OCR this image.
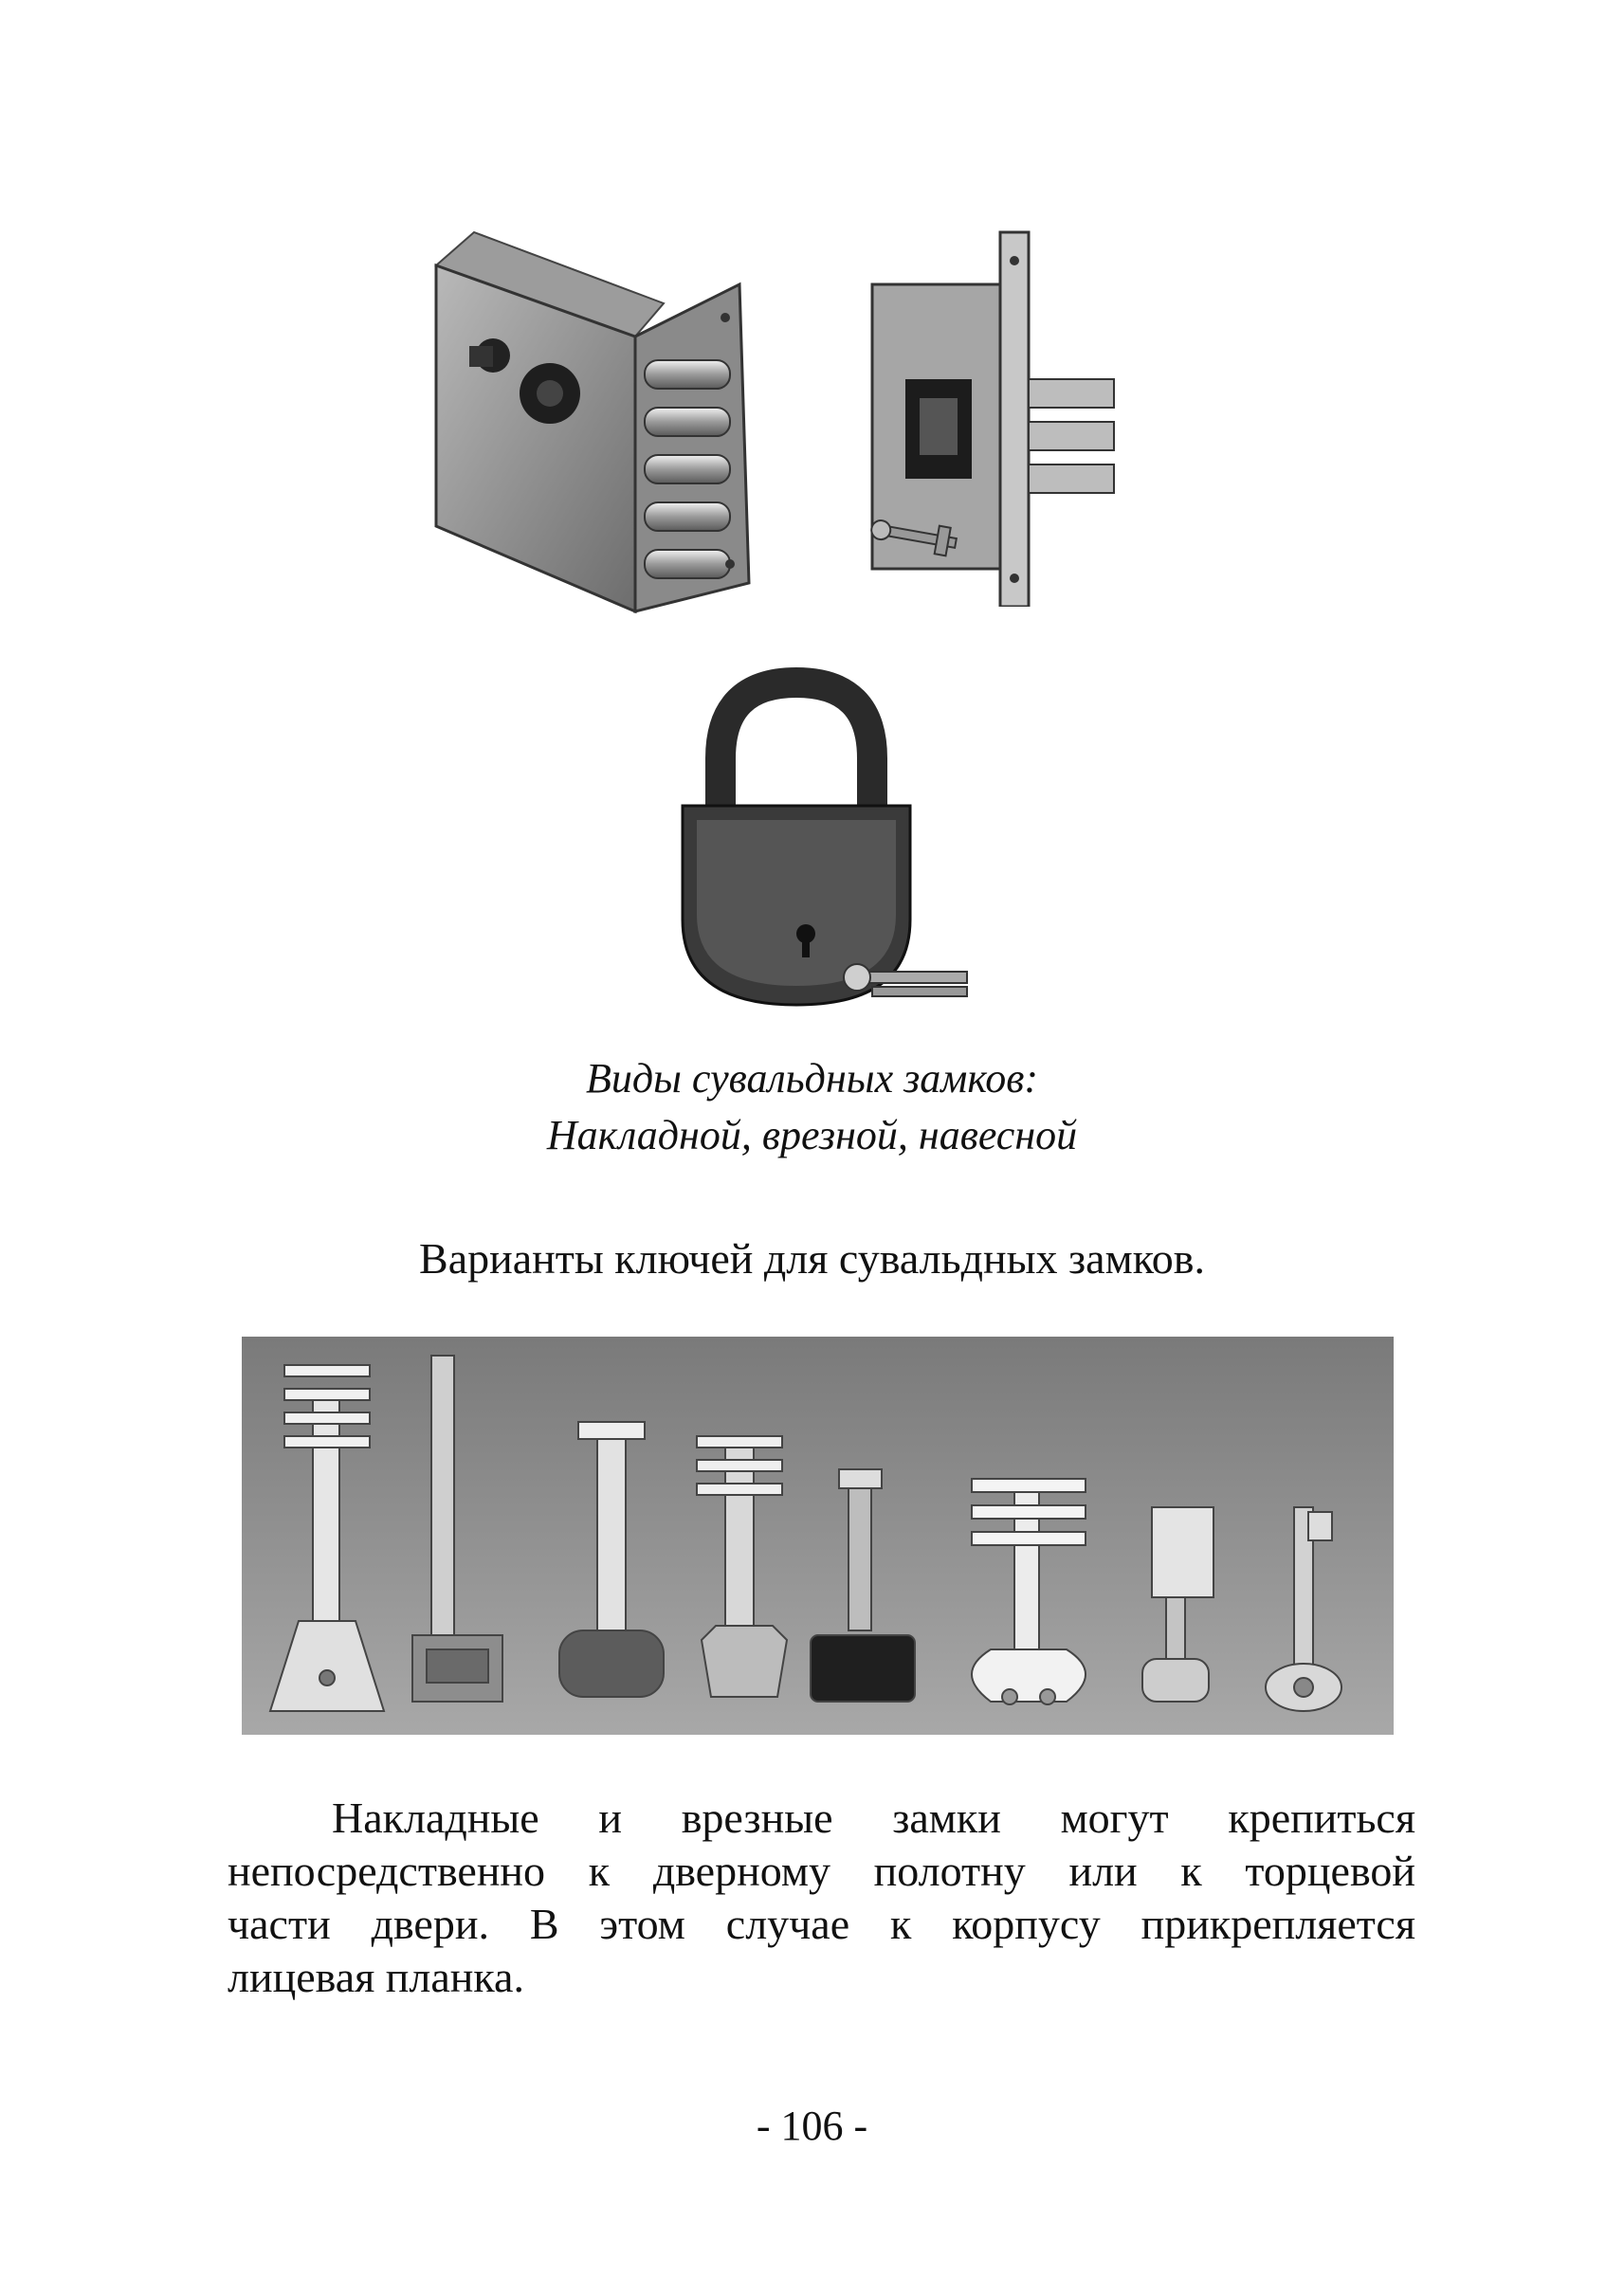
Виды сувальдных замков:
Накладной, врезной, навесной
Варианты ключей для сувальдных замков.
Накладные и врезные замки могут крепиться
непосредственно к дверному полотну или к торцевой
части двери. В этом случае к корпусу прикрепляется
лицевая планка.
- 106 -
